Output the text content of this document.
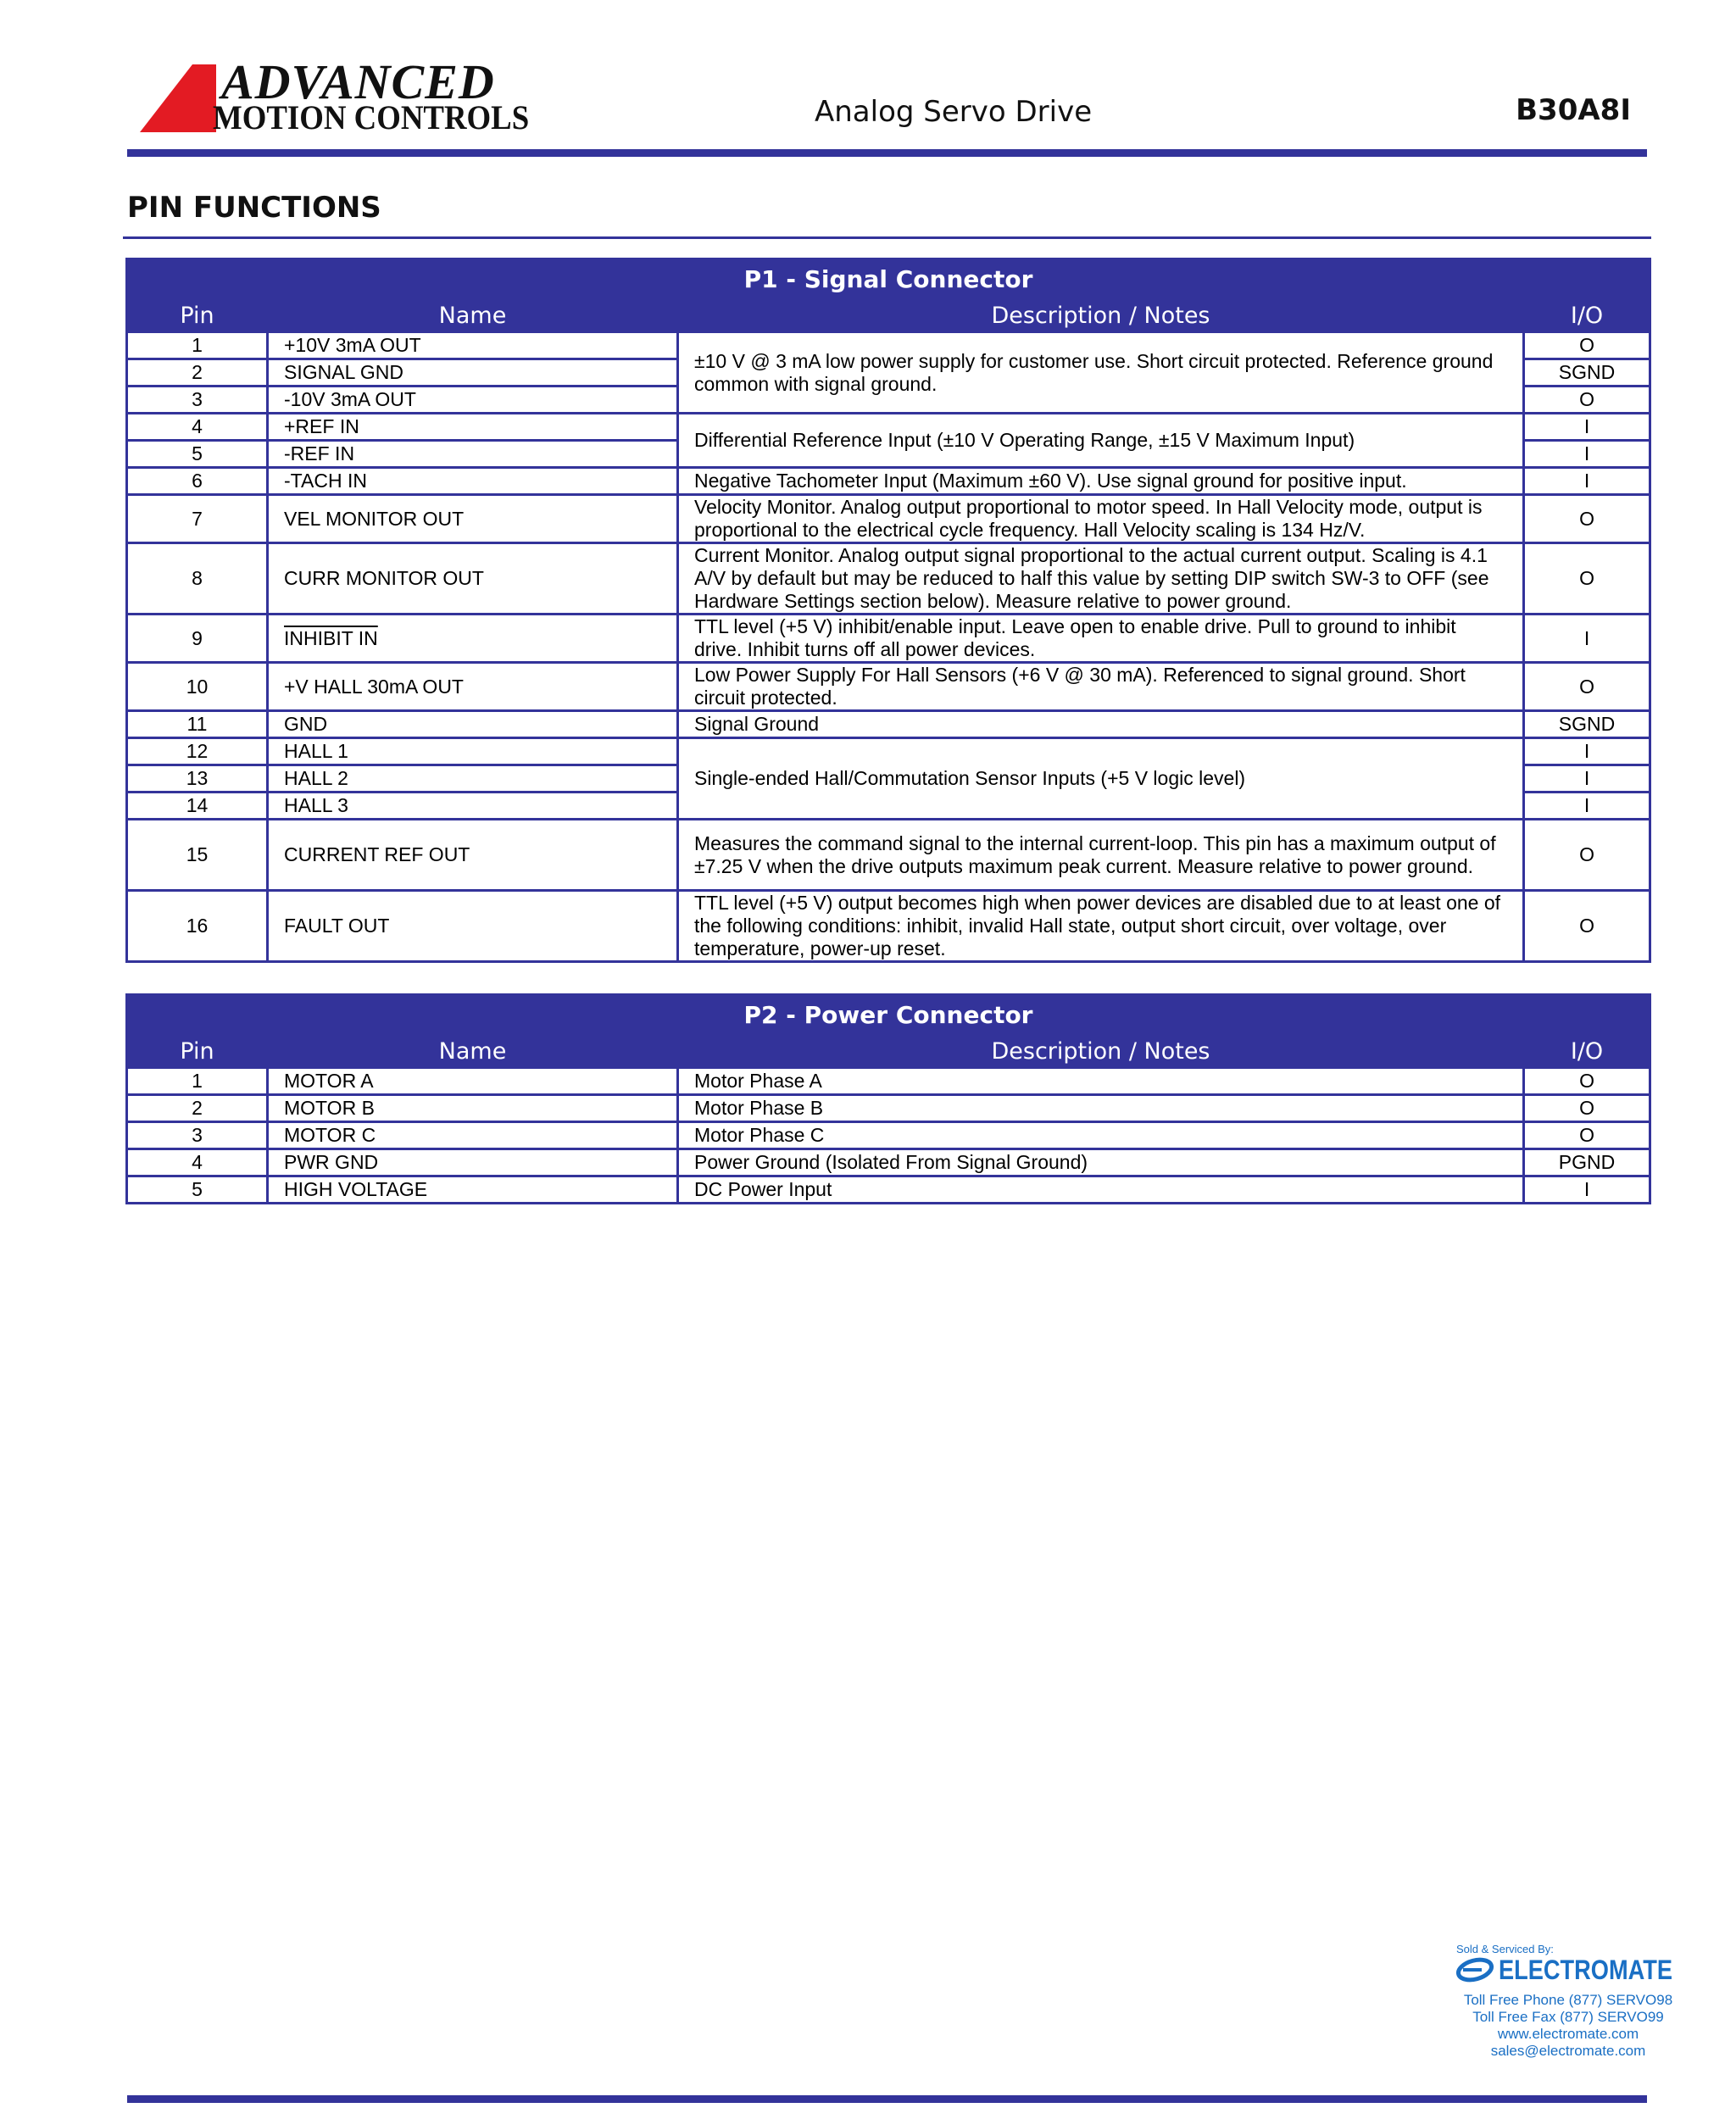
ADVANCED
MOTION CONTROLS	Analog Servo Drive	B30A8I
PIN FUNCTIONS
P1 - Signal Connector			
Pin	Name	Description / Notes	I/O
1	+10V 3mA OUT	±10 V @ 3 mA low power supply for customer use. Short circuit protected. Reference ground common with signal ground.	O
2	SIGNAL GND		SGND
3	-10V 3mA OUT		O
4	+REF IN	Differential Reference Input (±10 V Operating Range, ±15 V Maximum Input)	I
5	-REF IN		I
6	-TACH IN	Negative Tachometer Input (Maximum ±60 V). Use signal ground for positive input.	I
7	VEL MONITOR OUT	Velocity Monitor. Analog output proportional to motor speed. In Hall Velocity mode, output is proportional to the electrical cycle frequency. Hall Velocity scaling is 134 Hz/V.	O
8	CURR MONITOR OUT	Current Monitor. Analog output signal proportional to the actual current output. Scaling is 4.1 A/V by default but may be reduced to half this value by setting DIP switch SW-3 to OFF (see Hardware Settings section below). Measure relative to power ground.	O
9	INHIBIT IN	TTL level (+5 V) inhibit/enable input. Leave open to enable drive. Pull to ground to inhibit drive. Inhibit turns off all power devices.	I
10	+V HALL 30mA OUT	Low Power Supply For Hall Sensors (+6 V @ 30 mA). Referenced to signal ground. Short circuit protected.	O
11	GND	Signal Ground	SGND
12	HALL 1	Single-ended Hall/Commutation Sensor Inputs (+5 V logic level)	I
13	HALL 2		I
14	HALL 3		I
15	CURRENT REF OUT	Measures the command signal to the internal current-loop. This pin has a maximum output of ±7.25 V when the drive outputs maximum peak current. Measure relative to power ground.	O
16	FAULT OUT	TTL level (+5 V) output becomes high when power devices are disabled due to at least one of the following conditions: inhibit, invalid Hall state, output short circuit, over voltage, over temperature, power-up reset.	O
P2 - Power Connector			
Pin	Name	Description / Notes	I/O
1	MOTOR A	Motor Phase A	O
2	MOTOR B	Motor Phase B	O
3	MOTOR C	Motor Phase C	O
4	PWR GND	Power Ground (Isolated From Signal Ground)	PGND
5	HIGH VOLTAGE	DC Power Input	I
Sold & Serviced By:
ELECTROMATE
Toll Free Phone (877) SERVO98
Toll Free Fax (877) SERVO99
www.electromate.com
sales@electromate.com
